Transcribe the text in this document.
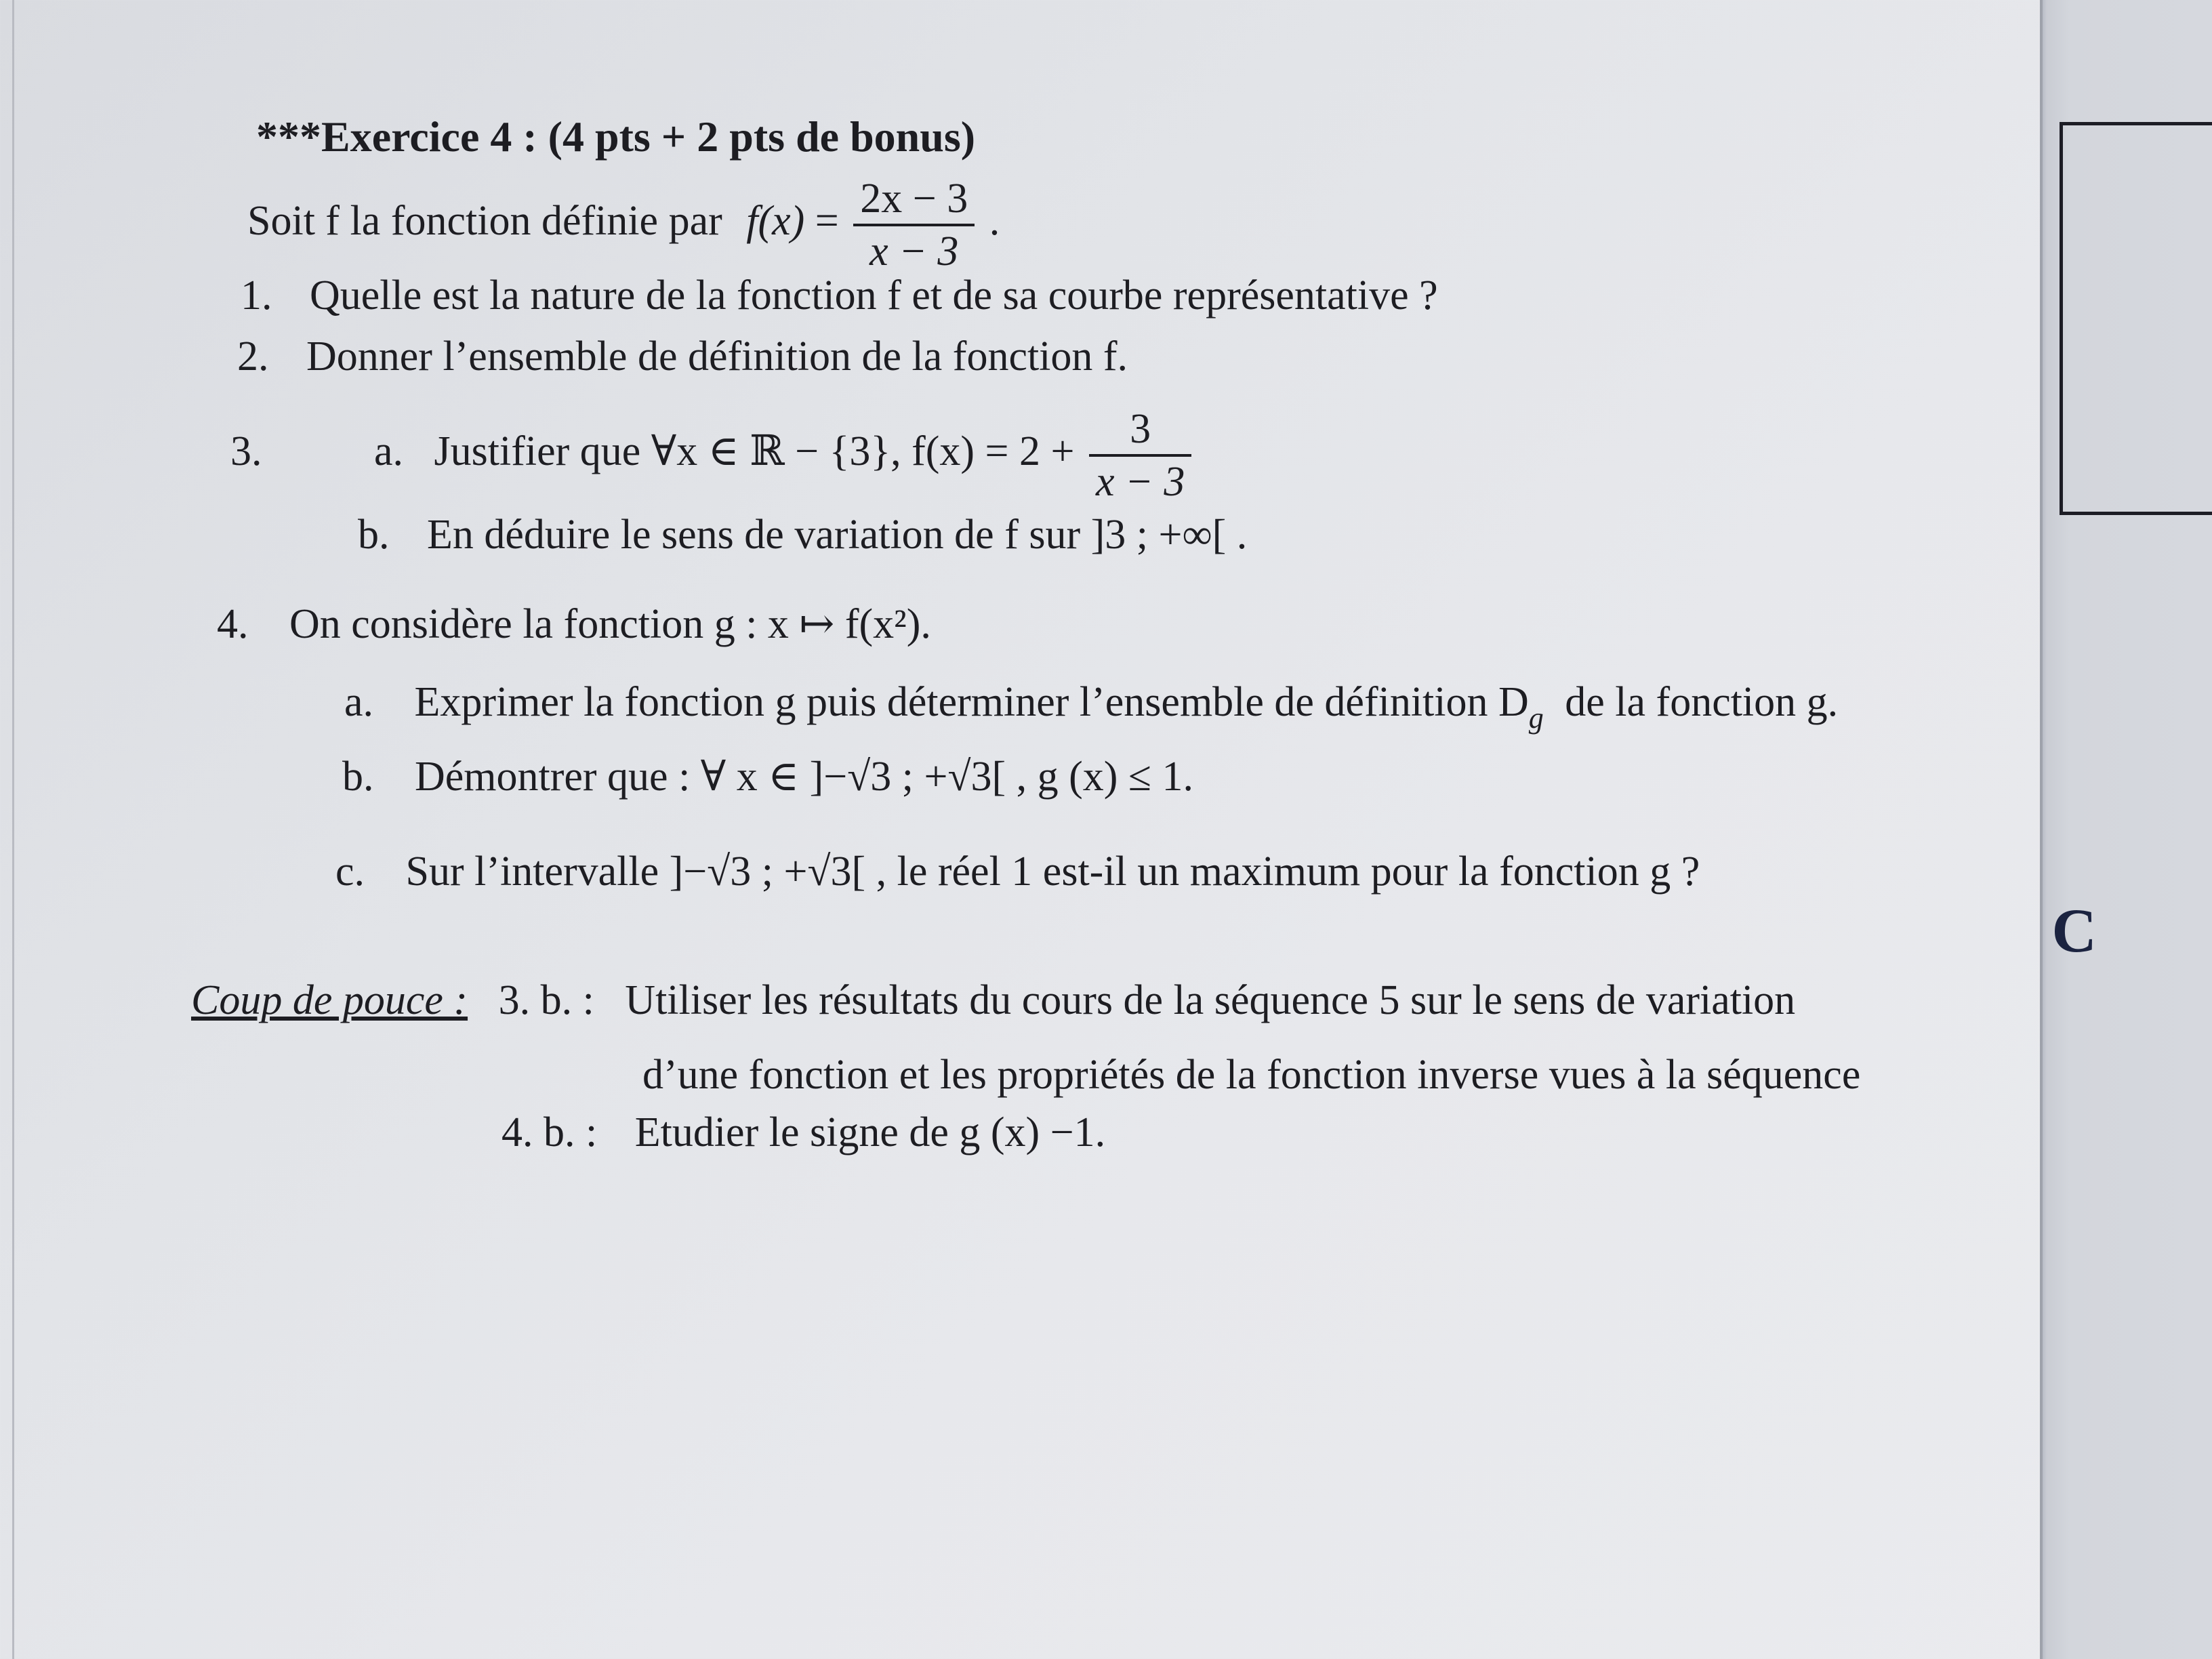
***Exercice 4 : (4 pts + 2 pts de bonus)
Soit f la fonction définie par $f(x) = \frac{2x - 3}{x - 3}$ .
1. Quelle est la nature de la fonction f et de sa courbe représentative ?
2. Donner l’ensemble de définition de la fonction f.
3.	a. Justifier que ∀x ∈ ℝ − {3}, $f(x) = 2 + \frac{3}{x - 3}$
b. En déduire le sens de variation de f sur ]3 ; +∞[ .
4. On considère la fonction g : x ↦ f(x²).
a. Exprimer la fonction g puis déterminer l’ensemble de définition $D_g$ de la fonction g.
b. Démontrer que : ∀ x ∈ ]−√3 ; +√3[ , g (x) ≤ 1.
c. Sur l’intervalle ]−√3 ; +√3[ , le réel 1 est-il un maximum pour la fonction g ?
Coup de pouce : 3. b. : Utiliser les résultats du cours de la séquence 5 sur le sens de variation
d’une fonction et les propriétés de la fonction inverse vues à la séquence
4. b. : Etudier le signe de g (x) −1.
C
